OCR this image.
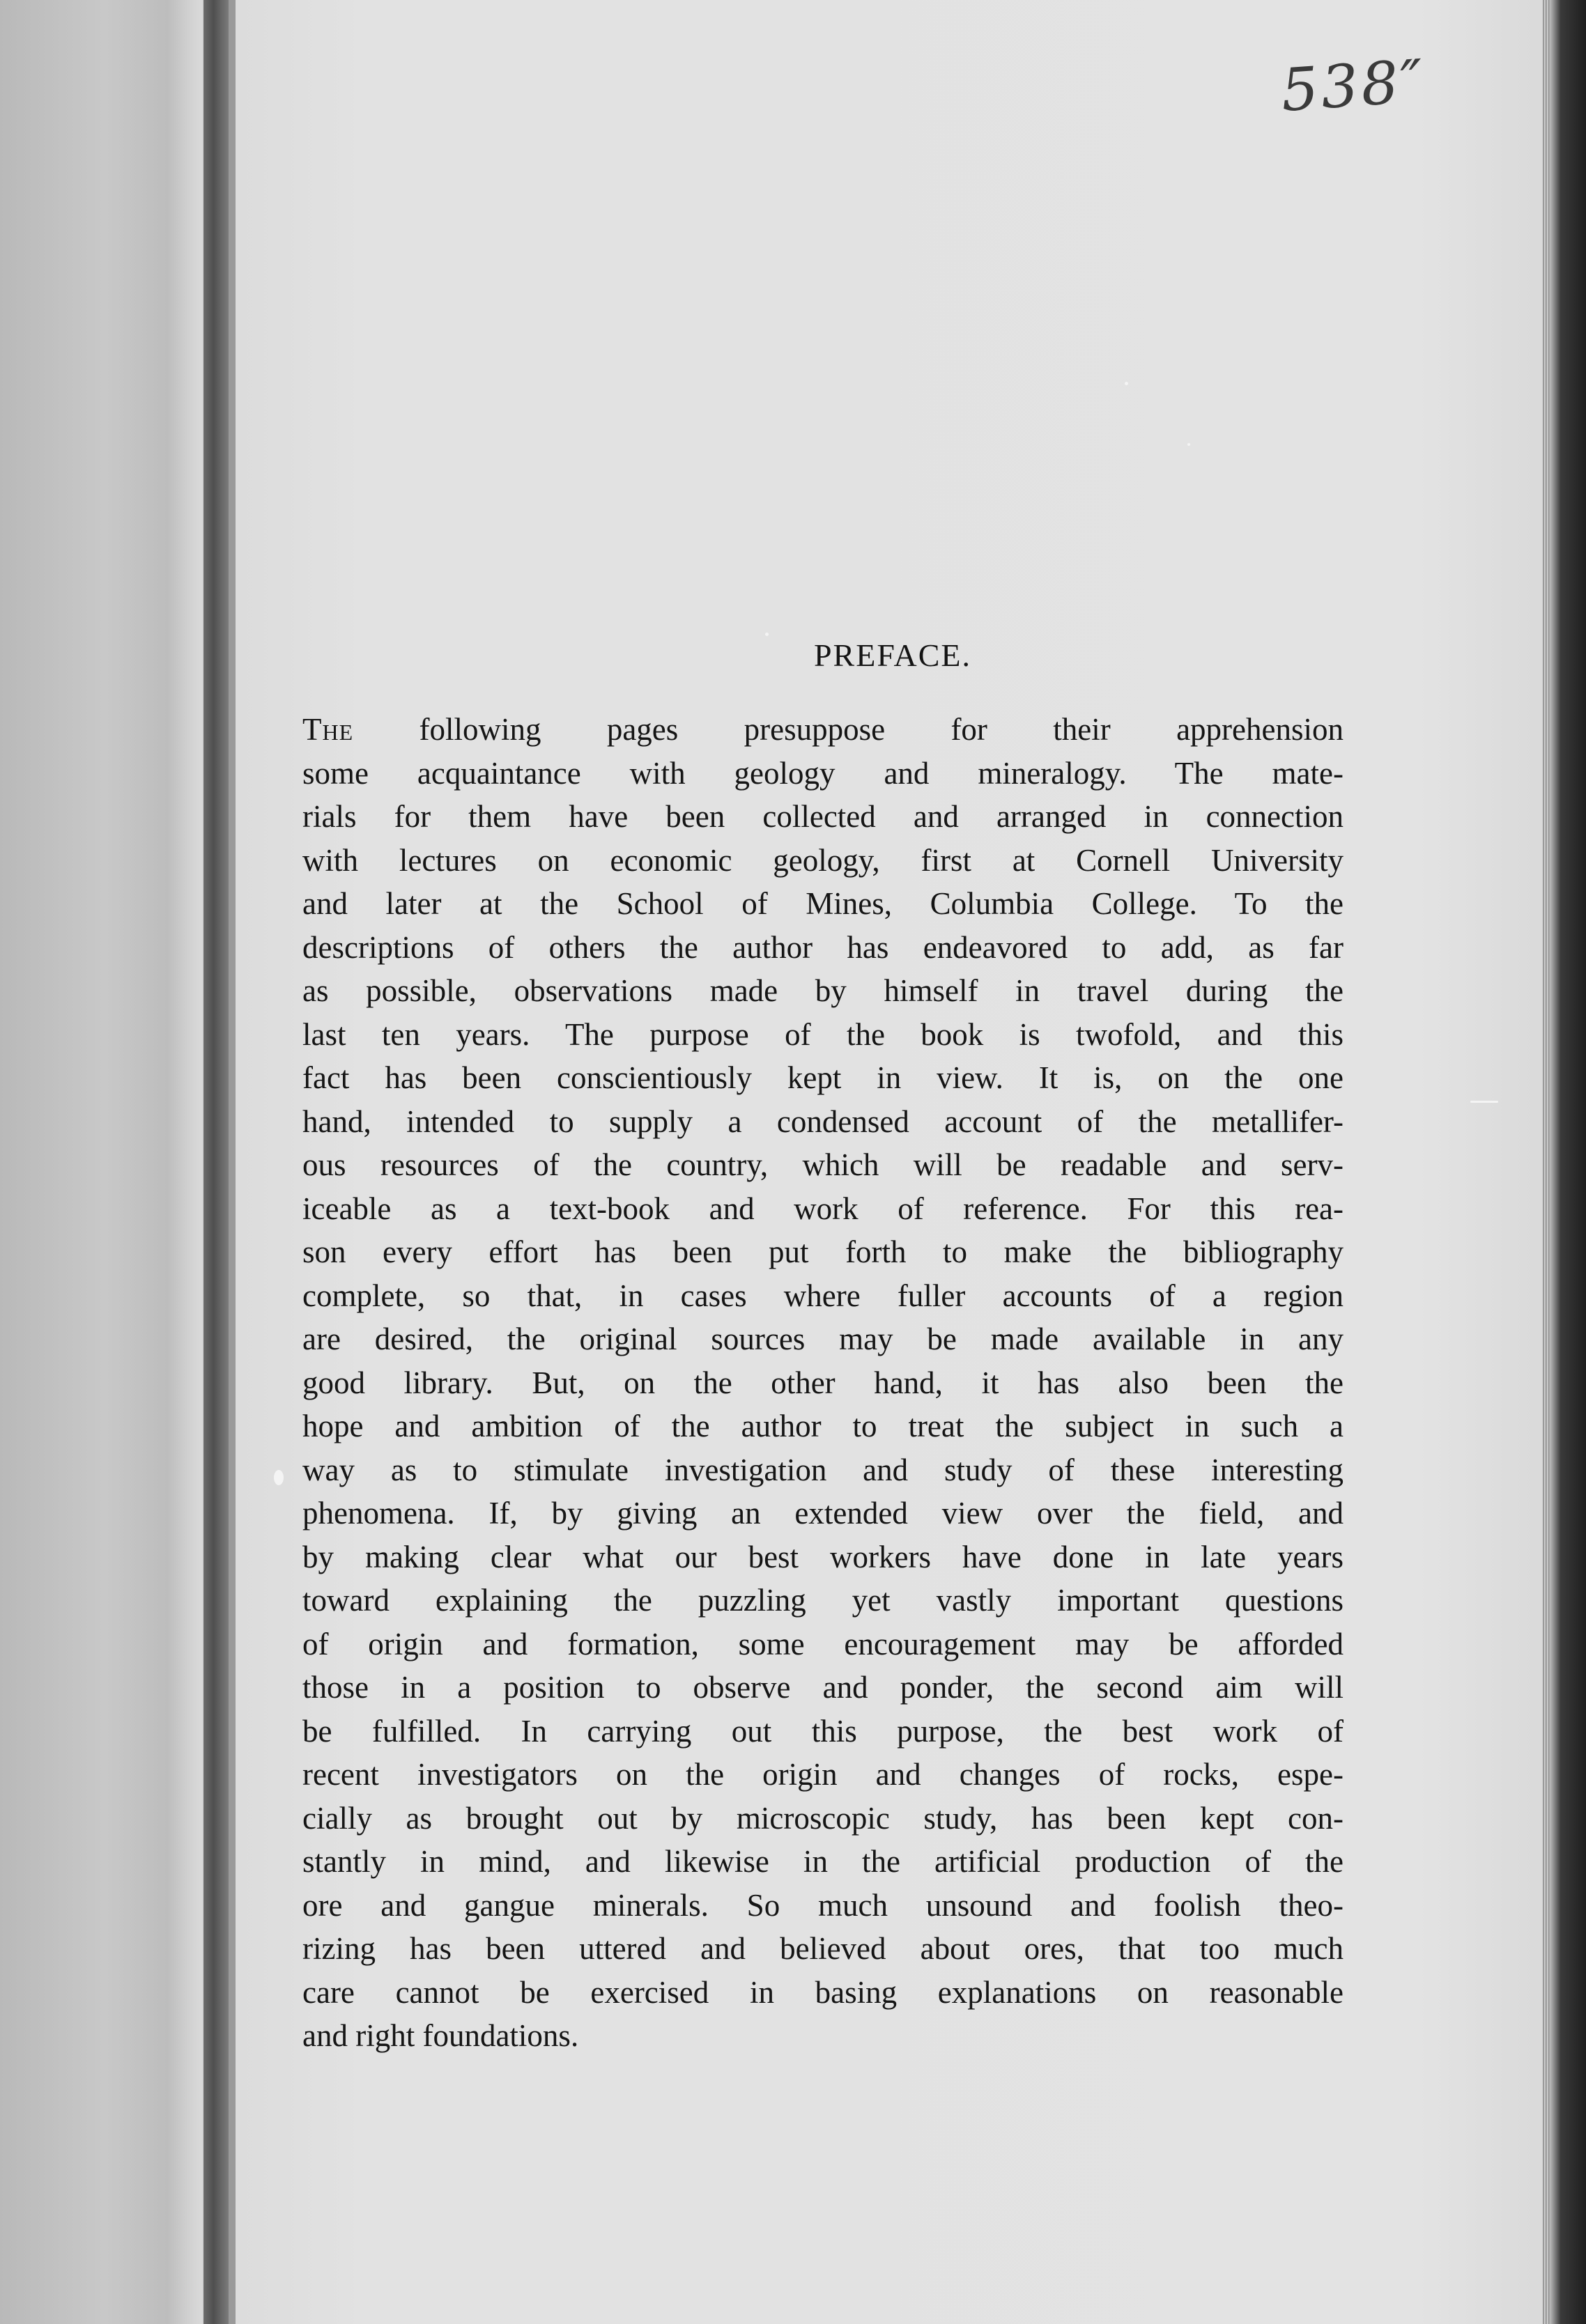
538″
PREFACE.
The following pages presuppose for their apprehension
some acquaintance with geology and mineralogy. The mate-
rials for them have been collected and arranged in connection
with lectures on economic geology, first at Cornell University
and later at the School of Mines, Columbia College. To the
descriptions of others the author has endeavored to add, as far
as possible, observations made by himself in travel during the
last ten years. The purpose of the book is twofold, and this
fact has been conscientiously kept in view. It is, on the one
hand, intended to supply a condensed account of the metallifer-
ous resources of the country, which will be readable and serv-
iceable as a text-book and work of reference. For this rea-
son every effort has been put forth to make the bibliography
complete, so that, in cases where fuller accounts of a region
are desired, the original sources may be made available in any
good library. But, on the other hand, it has also been the
hope and ambition of the author to treat the subject in such a
way as to stimulate investigation and study of these interesting
phenomena. If, by giving an extended view over the field, and
by making clear what our best workers have done in late years
toward explaining the puzzling yet vastly important questions
of origin and formation, some encouragement may be afforded
those in a position to observe and ponder, the second aim will
be fulfilled. In carrying out this purpose, the best work of
recent investigators on the origin and changes of rocks, espe-
cially as brought out by microscopic study, has been kept con-
stantly in mind, and likewise in the artificial production of the
ore and gangue minerals. So much unsound and foolish theo-
rizing has been uttered and believed about ores, that too much
care cannot be exercised in basing explanations on reasonable
and right foundations.
